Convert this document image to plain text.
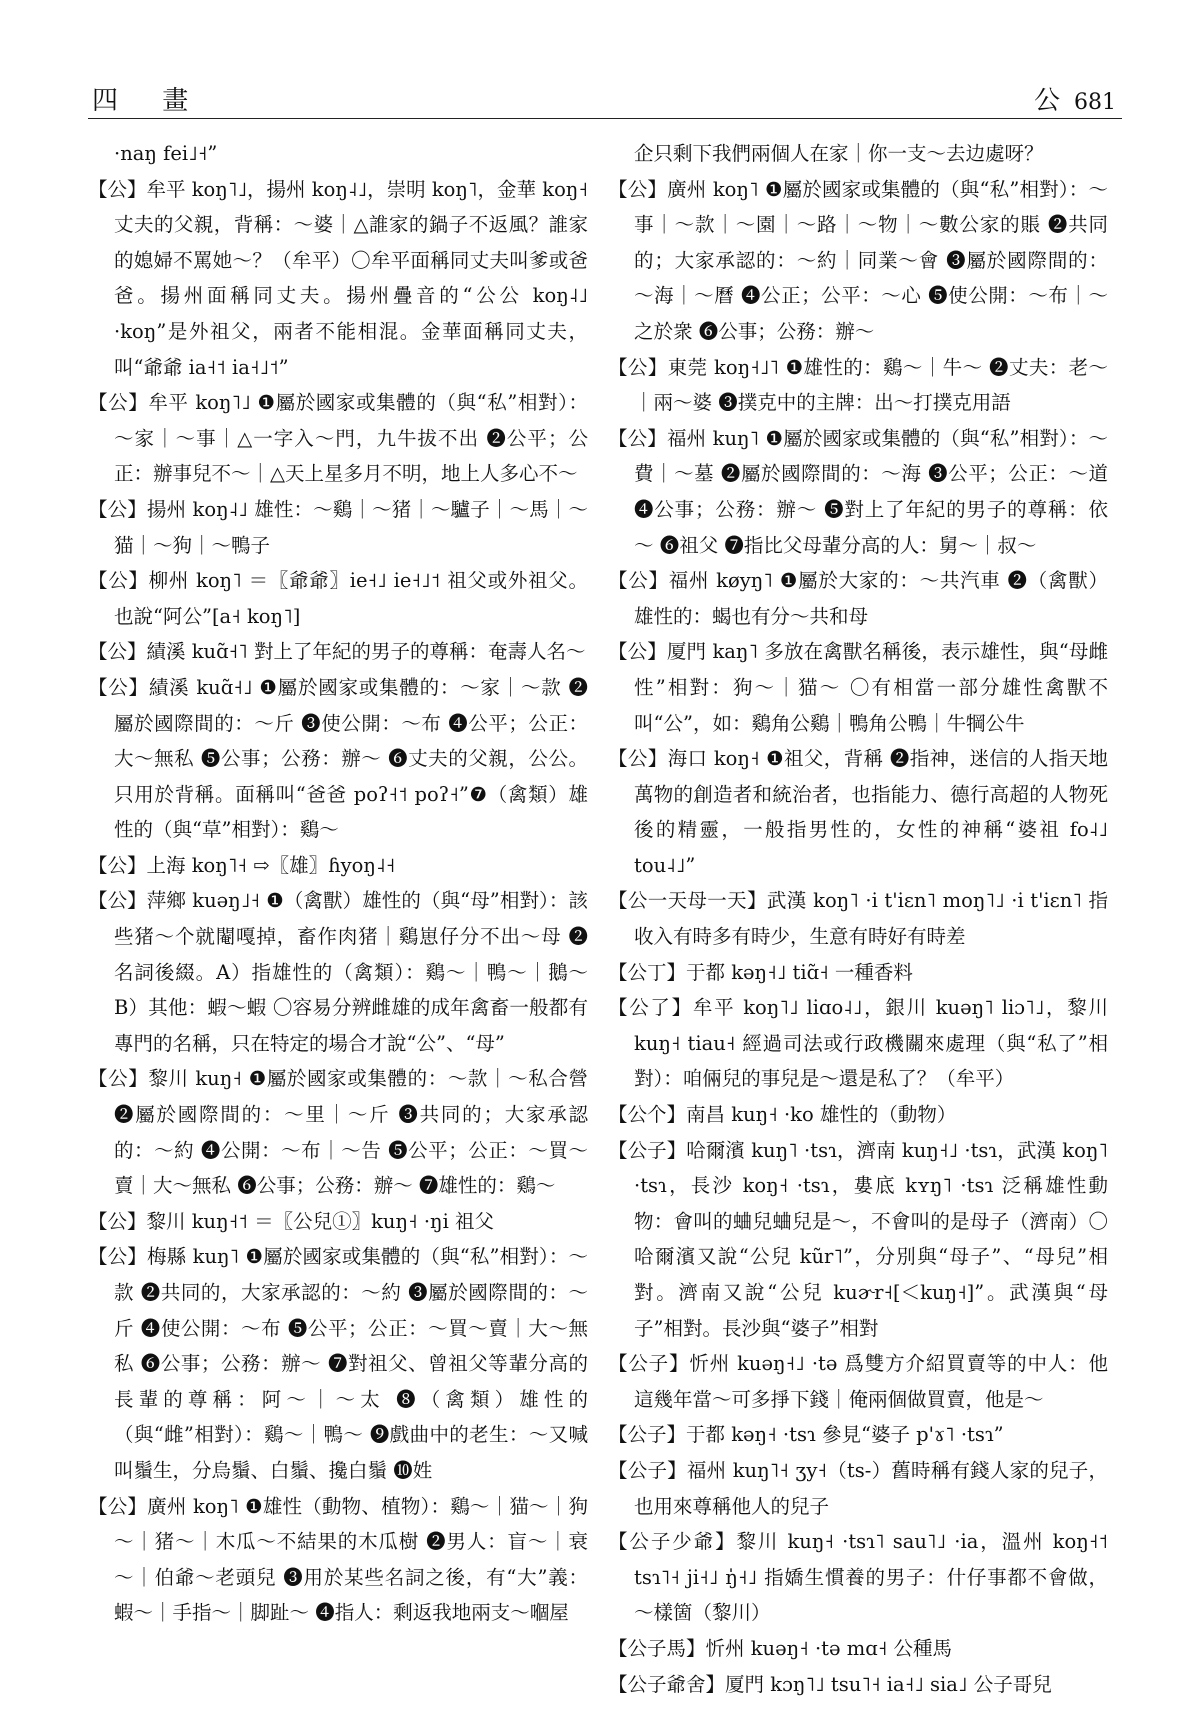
四 畫	公 681

·naŋ fei˩˧”

【公】牟平 koŋ˥˩，揚州 koŋ˨˩，崇明 koŋ˥，金華 koŋ˧ 丈夫的父親，背稱：～婆｜△誰家的鍋子不返風？誰家的媳婦不罵她～？（牟平）〇牟平面稱同丈夫叫爹或爸爸。揚州面稱同丈夫。揚州疊音的“公公 koŋ˨˩ ·koŋ”是外祖父，兩者不能相混。金華面稱同丈夫，叫“爺爺 ia˧˦ ia˧˩˦”

【公】牟平 koŋ˥˩ ❶屬於國家或集體的（與“私”相對）：～家｜～事｜△一字入～門，九牛拔不出 ❷公平；公正：辦事兒不～｜△天上星多月不明，地上人多心不～

【公】揚州 koŋ˨˩ 雄性：～鷄｜～猪｜～驢子｜～馬｜～猫｜～狗｜～鴨子

【公】柳州 koŋ˥ ＝〖爺爺〗ie˧˩ ie˧˩˦ 祖父或外祖父。也說“阿公”[a˧ koŋ˥]

【公】績溪 kuɑ̃˧˥ 對上了年紀的男子的尊稱：奄壽人名～

【公】績溪 kuɑ̃˧˩ ❶屬於國家或集體的：～家｜～款 ❷屬於國際間的：～斤 ❸使公開：～布 ❹公平；公正：大～無私 ❺公事；公務：辦～ ❻丈夫的父親，公公。只用於背稱。面稱叫“爸爸 poʔ˧˦ poʔ˧”❼（禽類）雄性的（與“草”相對）：鷄～

【公】上海 koŋ˥˧ ⇨〖雄〗ɦyoŋ˨˧

【公】萍鄉 kuəŋ˩˧ ❶（禽獸）雄性的（與“母”相對）：該些猪～个就閹嘎掉，畜作肉猪｜鷄崽仔分不出～母 ❷名詞後綴。A）指雄性的（禽類）：鷄～｜鴨～｜鵝～ B）其他：蝦～蝦 〇容易分辨雌雄的成年禽畜一般都有專門的名稱，只在特定的場合才說“公”、“母”

【公】黎川 kuŋ˧ ❶屬於國家或集體的：～款｜～私合營 ❷屬於國際間的：～里｜～斤 ❸共同的；大家承認的：～約 ❹公開：～布｜～告 ❺公平；公正：～買～賣｜大～無私 ❻公事；公務：辦～ ❼雄性的：鷄～

【公】黎川 kuŋ˧˦ ＝〖公兒①〗kuŋ˧ ·ŋi 祖父

【公】梅縣 kuŋ˥ ❶屬於國家或集體的（與“私”相對）：～款 ❷共同的，大家承認的：～約 ❸屬於國際間的：～斤 ❹使公開：～布 ❺公平；公正：～買～賣｜大～無私 ❻公事；公務：辦～ ❼對祖父、曾祖父等輩分高的長輩的尊稱：阿～｜～太 ❽（禽類）雄性的（與“雌”相對）：鷄～｜鴨～ ❾戲曲中的老生：～又喊叫鬚生，分烏鬚、白鬚、攙白鬚 ❿姓

【公】廣州 koŋ˥ ❶雄性（動物、植物）：鷄～｜猫～｜狗～｜猪～｜木瓜～不結果的木瓜樹 ❷男人：盲～｜衰～｜伯爺～老頭兒 ❸用於某些名詞之後，有“大”義：蝦～｜手指～｜脚趾～ ❹指人：剩返我地兩支～嗰屋

企只剩下我們兩個人在家｜你一支～去边處呀？

【公】廣州 koŋ˥ ❶屬於國家或集體的（與“私”相對）：～事｜～款｜～園｜～路｜～物｜～數公家的賬 ❷共同的；大家承認的：～約｜同業～會 ❸屬於國際間的：～海｜～曆 ❹公正；公平：～心 ❺使公開：～布｜～之於衆 ❻公事；公務：辦～

【公】東莞 koŋ˧˩˥ ❶雄性的：鷄～｜牛～ ❷丈夫：老～｜兩～婆 ❸撲克中的主牌：出～打撲克用語

【公】福州 kuŋ˥ ❶屬於國家或集體的（與“私”相對）：～費｜～墓 ❷屬於國際間的：～海 ❸公平；公正：～道 ❹公事；公務：辦～ ❺對上了年紀的男子的尊稱：依～ ❻祖父 ❼指比父母輩分高的人：舅～｜叔～

【公】福州 køyŋ˥ ❶屬於大家的：～共汽車 ❷（禽獸）雄性的：蝎也有分～共和母

【公】厦門 kaŋ˥ 多放在禽獸名稱後，表示雄性，與“母雌性”相對：狗～｜猫～ 〇有相當一部分雄性禽獸不叫“公”，如：鷄角公鷄｜鴨角公鴨｜牛犅公牛

【公】海口 koŋ˧ ❶祖父，背稱 ❷指神，迷信的人指天地萬物的創造者和統治者，也指能力、德行高超的人物死後的精靈，一般指男性的，女性的神稱“婆祖 fo˨˩ tou˨˩”

【公一天母一天】武漢 koŋ˥ ·i t'iɛn˥ moŋ˥˩ ·i t'iɛn˥ 指收入有時多有時少，生意有時好有時差

【公丁】于都 kəŋ˧˩ tiɑ̃˧ 一種香料

【公了】牟平 koŋ˥˩ liɑo˨˩，銀川 kuəŋ˥ liɔ˥˩，黎川 kuŋ˧ tiau˧ 經過司法或行政機關來處理（與“私了”相對）：咱倆兒的事兒是～還是私了？（牟平）

【公个】南昌 kuŋ˧ ·ko 雄性的（動物）

【公子】哈爾濱 kuŋ˥ ·tsɿ，濟南 kuŋ˧˩ ·tsɿ，武漢 koŋ˥ ·tsɿ，長沙 koŋ˧ ·tsɿ，婁底 kʏŋ˥ ·tsɿ 泛稱雄性動物：會叫的蛐兒蛐兒是～，不會叫的是母子（濟南）〇哈爾濱又說“公兒 kũr˥”，分別與“母子”、“母兒”相對。濟南又說“公兒 kuɚr˧[＜kuŋ˧]”。武漢與“母子”相對。長沙與“婆子”相對

【公子】忻州 kuəŋ˧˩ ·tə 爲雙方介紹買賣等的中人：他這幾年當～可多掙下錢｜俺兩個做買賣，他是～

【公子】于都 kəŋ˧ ·tsɿ 參見“婆子 p'ɤ˥ ·tsɿ”

【公子】福州 kuŋ˥˧ ʒy˧（ts-）舊時稱有錢人家的兒子，也用來尊稱他人的兒子

【公子少爺】黎川 kuŋ˧ ·tsɿ˥ sau˥˩ ·ia，溫州 koŋ˧˦ tsɿ˥˧ ji˧˩ ŋ̍˧˩ 指嬌生慣養的男子：什仔事都不會做，～樣箇（黎川）

【公子馬】忻州 kuəŋ˧ ·tə mɑ˧ 公種馬

【公子爺舍】厦門 kɔŋ˥˩ tsu˥˧ ia˧˩ sia˩ 公子哥兒
